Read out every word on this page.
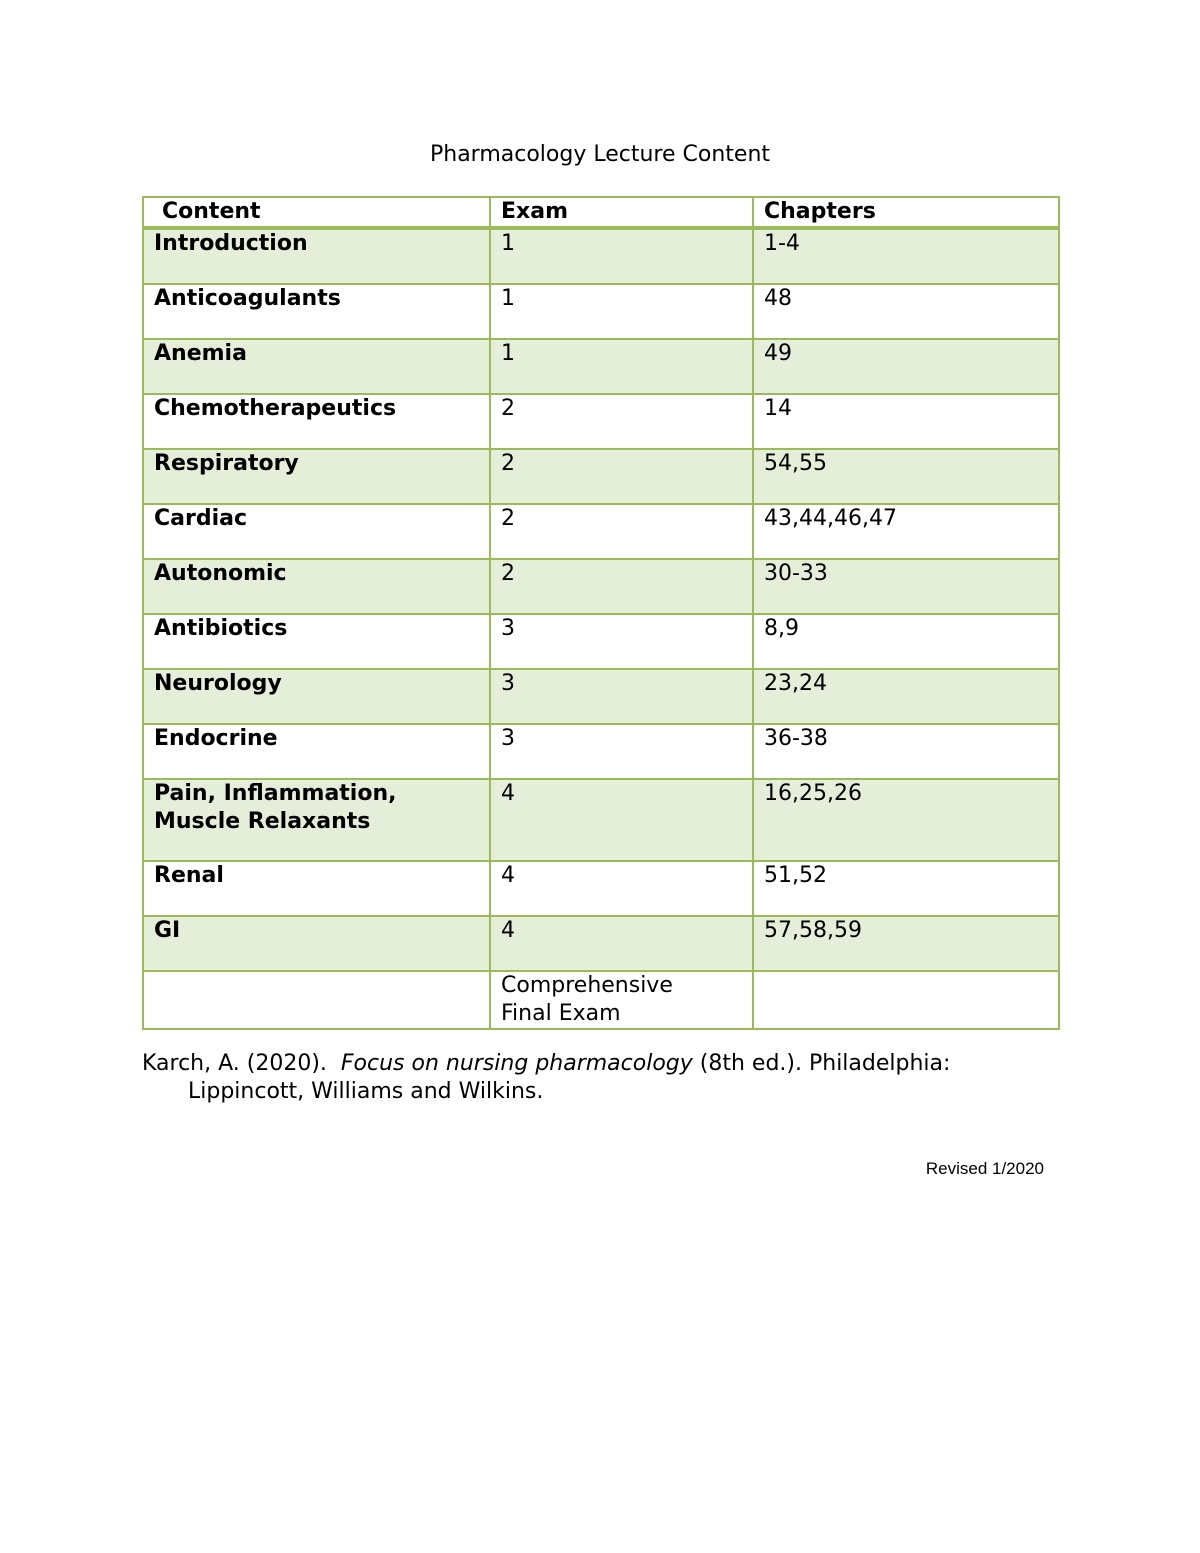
Pharmacology Lecture Content
Content	Exam	Chapters
Introduction	1	1-4
Anticoagulants	1	48
Anemia	1	49
Chemotherapeutics	2	14
Respiratory	2	54,55
Cardiac	2	43,44,46,47
Autonomic	2	30-33
Antibiotics	3	8,9
Neurology	3	23,24
Endocrine	3	36-38
Pain, Inflammation,
Muscle Relaxants	4	16,25,26
Renal	4	51,52
GI	4	57,58,59
	Comprehensive
Final Exam	
Karch, A. (2020). Focus on nursing pharmacology (8th ed.). Philadelphia:
Lippincott, Williams and Wilkins.
Revised 1/2020
